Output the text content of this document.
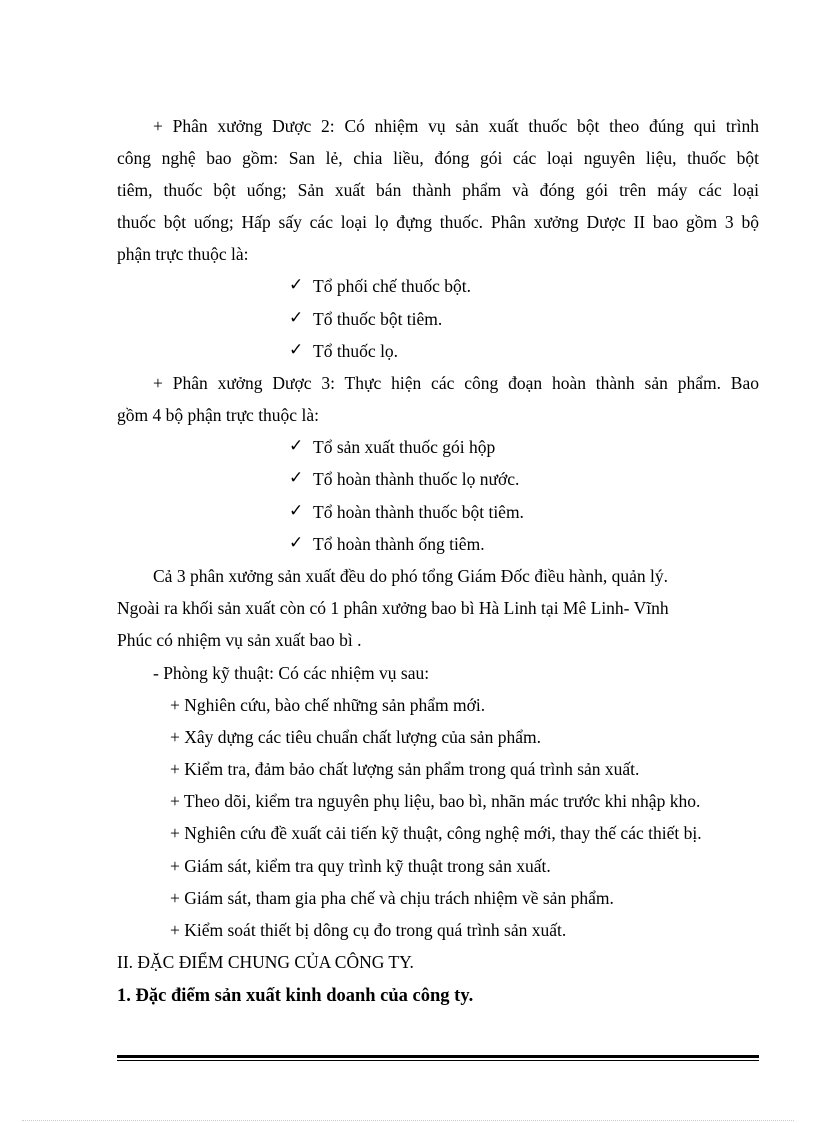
+ Phân xưởng Dược 2: Có nhiệm vụ sản xuất thuốc bột theo đúng qui trình
công nghệ bao gồm: San lẻ, chia liều, đóng gói các loại nguyên liệu, thuốc bột
tiêm, thuốc bột uống; Sản xuất bán thành phẩm và đóng gói trên máy các loại
thuốc bột uống; Hấp sấy các loại lọ đựng thuốc. Phân xưởng Dược II bao gồm 3 bộ
phận trực thuộc là:
✓ Tổ phối chế thuốc bột.
✓ Tổ thuốc bột tiêm.
✓ Tổ thuốc lọ.
+ Phân xưởng Dược 3: Thực hiện các công đoạn hoàn thành sản phẩm. Bao
gồm 4 bộ phận trực thuộc là:
✓ Tổ sản xuất thuốc gói hộp
✓ Tổ hoàn thành thuốc lọ nước.
✓ Tổ hoàn thành thuốc bột tiêm.
✓ Tổ hoàn thành ống tiêm.
Cả 3 phân xưởng sản xuất đều do phó tổng Giám Đốc điều hành, quản lý.
Ngoài ra khối sản xuất còn có 1 phân xưởng bao bì Hà Linh tại Mê Linh- Vĩnh
Phúc có nhiệm vụ sản xuất bao bì .
- Phòng kỹ thuật: Có các nhiệm vụ sau:
+ Nghiên cứu, bào chế những sản phẩm mới.
+ Xây dựng các tiêu chuẩn chất lượng của sản phẩm.
+ Kiểm tra, đảm bảo chất lượng sản phẩm trong quá trình sản xuất.
+ Theo dõi, kiểm tra nguyên phụ liệu, bao bì, nhãn mác trước khi nhập kho.
+ Nghiên cứu đề xuất cải tiến kỹ thuật, công nghệ mới, thay thế các thiết bị.
+ Giám sát, kiểm tra quy trình kỹ thuật trong sản xuất.
+ Giám sát, tham gia pha chế và chịu trách nhiệm về sản phẩm.
+ Kiểm soát thiết bị dông cụ đo trong quá trình sản xuất.
II. ĐẶC ĐIỂM CHUNG CỦA CÔNG TY.
1. Đặc điểm sản xuất kinh doanh của công ty.
